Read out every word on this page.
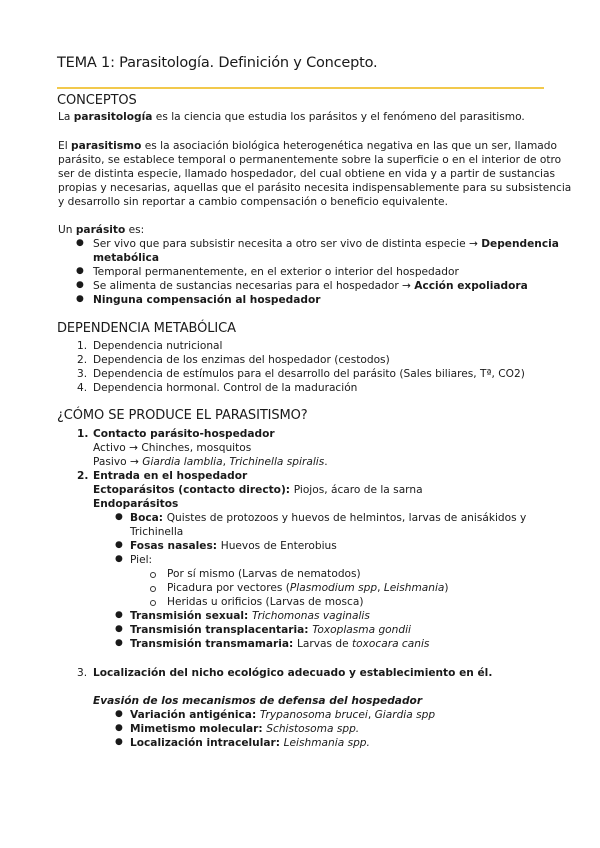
TEMA 1: Parasitología. Definición y Concepto.
CONCEPTOS
La parasitología es la ciencia que estudia los parásitos y el fenómeno del parasitismo.
El parasitismo es la asociación biológica heterogenética negativa en las que un ser, llamado
parásito, se establece temporal o permanentemente sobre la superficie o en el interior de otro
ser de distinta especie, llamado hospedador, del cual obtiene en vida y a partir de sustancias
propias y necesarias, aquellas que el parásito necesita indispensablemente para su subsistencia
y desarrollo sin reportar a cambio compensación o beneficio equivalente.
Un parásito es:
● Ser vivo que para subsistir necesita a otro ser vivo de distinta especie → Dependencia
metabólica
● Temporal permanentemente, en el exterior o interior del hospedador
● Se alimenta de sustancias necesarias para el hospedador → Acción expoliadora
● Ninguna compensación al hospedador
DEPENDENCIA METABÓLICA
1. Dependencia nutricional
2. Dependencia de los enzimas del hospedador (cestodos)
3. Dependencia de estímulos para el desarrollo del parásito (Sales biliares, Tª, CO2)
4. Dependencia hormonal. Control de la maduración
¿CÓMO SE PRODUCE EL PARASITISMO?
1. Contacto parásito-hospedador
Activo → Chinches, mosquitos
Pasivo → Giardia lamblia, Trichinella spiralis.
2. Entrada en el hospedador
Ectoparásitos (contacto directo): Piojos, ácaro de la sarna
Endoparásitos
● Boca: Quistes de protozoos y huevos de helmintos, larvas de anisákidos y
Trichinella
● Fosas nasales: Huevos de Enterobius
● Piel:
Por sí mismo (Larvas de nematodos)
Picadura por vectores (Plasmodium spp, Leishmania)
Heridas u orificios (Larvas de mosca)
● Transmisión sexual: Trichomonas vaginalis
● Transmisión transplacentaria: Toxoplasma gondii
● Transmisión transmamaria: Larvas de toxocara canis
3. Localización del nicho ecológico adecuado y establecimiento en él.
Evasión de los mecanismos de defensa del hospedador
● Variación antigénica: Trypanosoma brucei, Giardia spp
● Mimetismo molecular: Schistosoma spp.
● Localización intracelular: Leishmania spp.
